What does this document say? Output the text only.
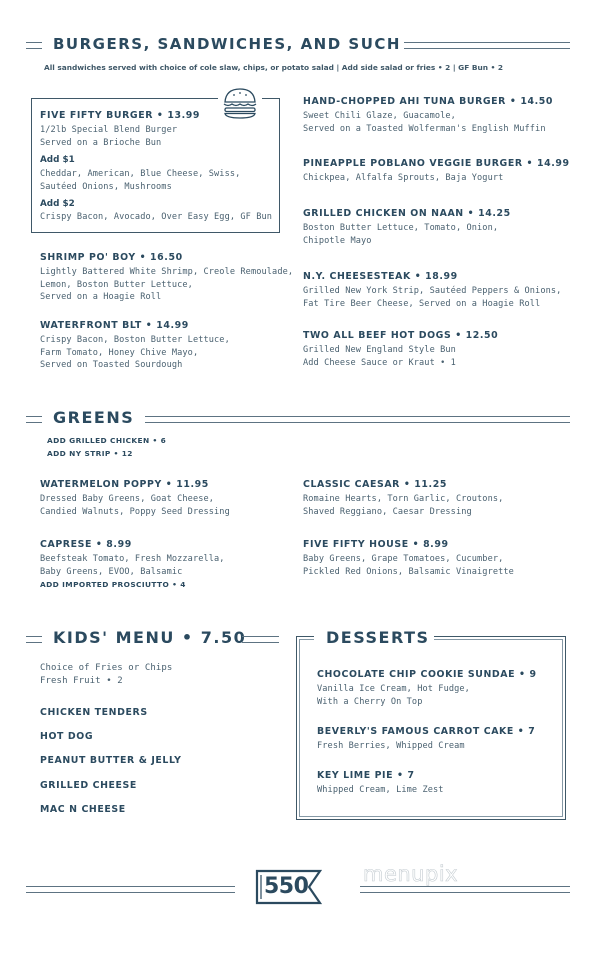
BURGERS, SANDWICHES, AND SUCH
All sandwiches served with choice of cole slaw, chips, or potato salad | Add side salad or fries • 2 | GF Bun • 2
FIVE FIFTY BURGER • 13.99
1/2lb Special Blend Burger
Served on a Brioche Bun
Add $1
Cheddar, American, Blue Cheese, Swiss,
Sautéed Onions, Mushrooms
Add $2
Crispy Bacon, Avocado, Over Easy Egg, GF Bun
SHRIMP PO' BOY • 16.50
Lightly Battered White Shrimp, Creole Remoulade,
Lemon, Boston Butter Lettuce,
Served on a Hoagie Roll
WATERFRONT BLT • 14.99
Crispy Bacon, Boston Butter Lettuce,
Farm Tomato, Honey Chive Mayo,
Served on Toasted Sourdough
HAND-CHOPPED AHI TUNA BURGER • 14.50
Sweet Chili Glaze, Guacamole,
Served on a Toasted Wolferman's English Muffin
PINEAPPLE POBLANO VEGGIE BURGER • 14.99
Chickpea, Alfalfa Sprouts, Baja Yogurt
GRILLED CHICKEN ON NAAN • 14.25
Boston Butter Lettuce, Tomato, Onion,
Chipotle Mayo
N.Y. CHEESESTEAK • 18.99
Grilled New York Strip, Sautéed Peppers & Onions,
Fat Tire Beer Cheese, Served on a Hoagie Roll
TWO ALL BEEF HOT DOGS • 12.50
Grilled New England Style Bun
Add Cheese Sauce or Kraut • 1
GREENS
ADD GRILLED CHICKEN • 6
ADD NY STRIP • 12
WATERMELON POPPY • 11.95
Dressed Baby Greens, Goat Cheese,
Candied Walnuts, Poppy Seed Dressing
CAPRESE • 8.99
Beefsteak Tomato, Fresh Mozzarella,
Baby Greens, EVOO, Balsamic
ADD IMPORTED PROSCIUTTO • 4
CLASSIC CAESAR • 11.25
Romaine Hearts, Torn Garlic, Croutons,
Shaved Reggiano, Caesar Dressing
FIVE FIFTY HOUSE • 8.99
Baby Greens, Grape Tomatoes, Cucumber,
Pickled Red Onions, Balsamic Vinaigrette
KIDS' MENU • 7.50
Choice of Fries or Chips
Fresh Fruit • 2
CHICKEN TENDERS
HOT DOG
PEANUT BUTTER & JELLY
GRILLED CHEESE
MAC N CHEESE
DESSERTS
CHOCOLATE CHIP COOKIE SUNDAE • 9
Vanilla Ice Cream, Hot Fudge,
With a Cherry On Top
BEVERLY'S FAMOUS CARROT CAKE • 7
Fresh Berries, Whipped Cream
KEY LIME PIE • 7
Whipped Cream, Lime Zest
550	menupix
